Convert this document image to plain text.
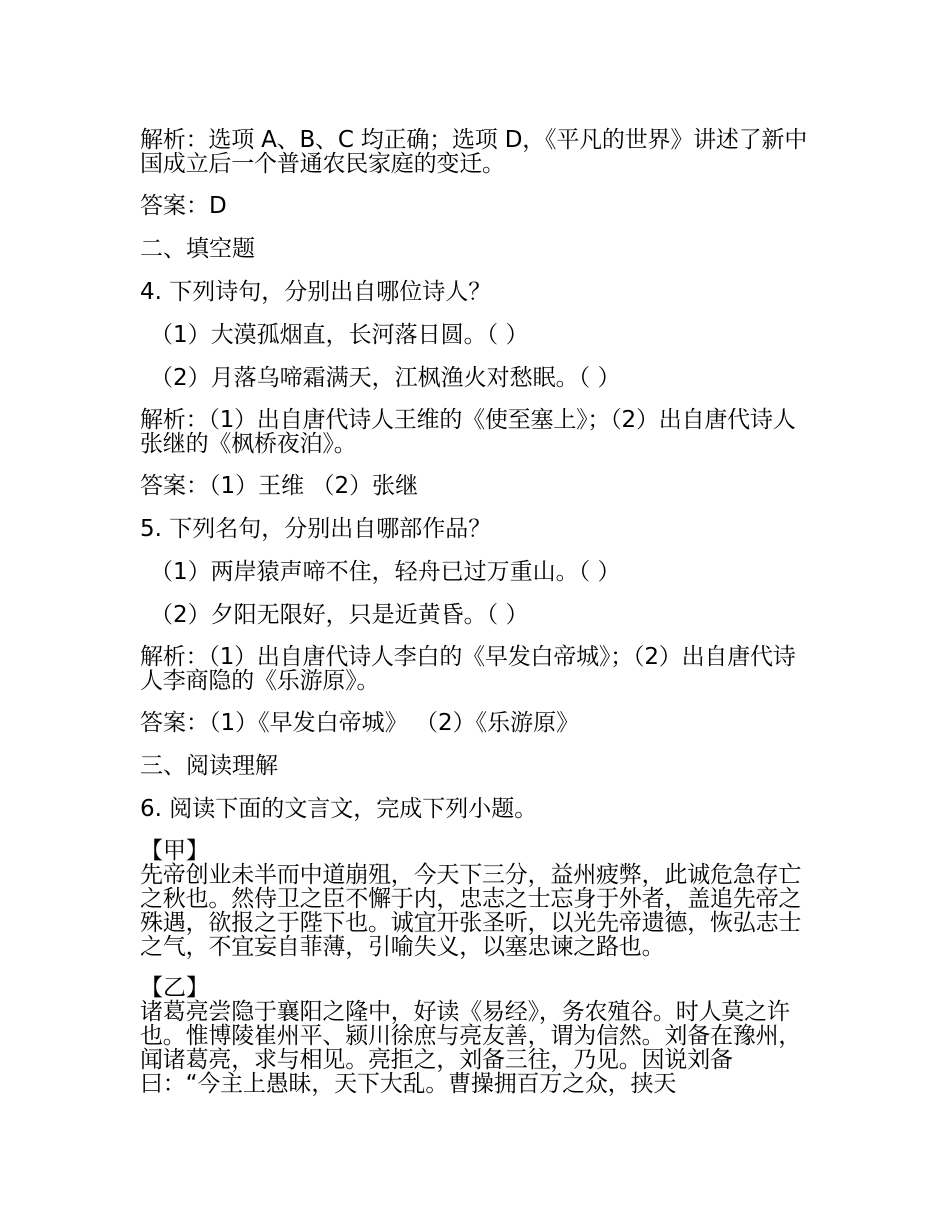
解析：选项 A、B、C 均正确；选项 D，《平凡的世界》讲述了新中国成立后一个普通农民家庭的变迁。
答案：D
二、填空题
4. 下列诗句，分别出自哪位诗人？
（1）大漠孤烟直，长河落日圆。（ ）
（2）月落乌啼霜满天，江枫渔火对愁眠。（ ）
解析：（1）出自唐代诗人王维的《使至塞上》；（2）出自唐代诗人张继的《枫桥夜泊》。
答案：（1）王维 （2）张继
5. 下列名句，分别出自哪部作品？
（1）两岸猿声啼不住，轻舟已过万重山。（ ）
（2）夕阳无限好，只是近黄昏。（ ）
解析：（1）出自唐代诗人李白的《早发白帝城》；（2）出自唐代诗人李商隐的《乐游原》。
答案：（1）《早发白帝城》 （2）《乐游原》
三、阅读理解
6. 阅读下面的文言文，完成下列小题。
【甲】
先帝创业未半而中道崩殂，今天下三分，益州疲弊，此诚危急存亡之秋也。然侍卫之臣不懈于内，忠志之士忘身于外者，盖追先帝之殊遇，欲报之于陛下也。诚宜开张圣听，以光先帝遗德，恢弘志士之气，不宜妄自菲薄，引喻失义，以塞忠谏之路也。
【乙】
诸葛亮尝隐于襄阳之隆中，好读《易经》，务农殖谷。时人莫之许也。惟博陵崔州平、颍川徐庶与亮友善，谓为信然。刘备在豫州，闻诸葛亮，求与相见。亮拒之，刘备三往，乃见。因说刘备曰：“今主上愚昧，天下大乱。曹操拥百万之众，挟天
